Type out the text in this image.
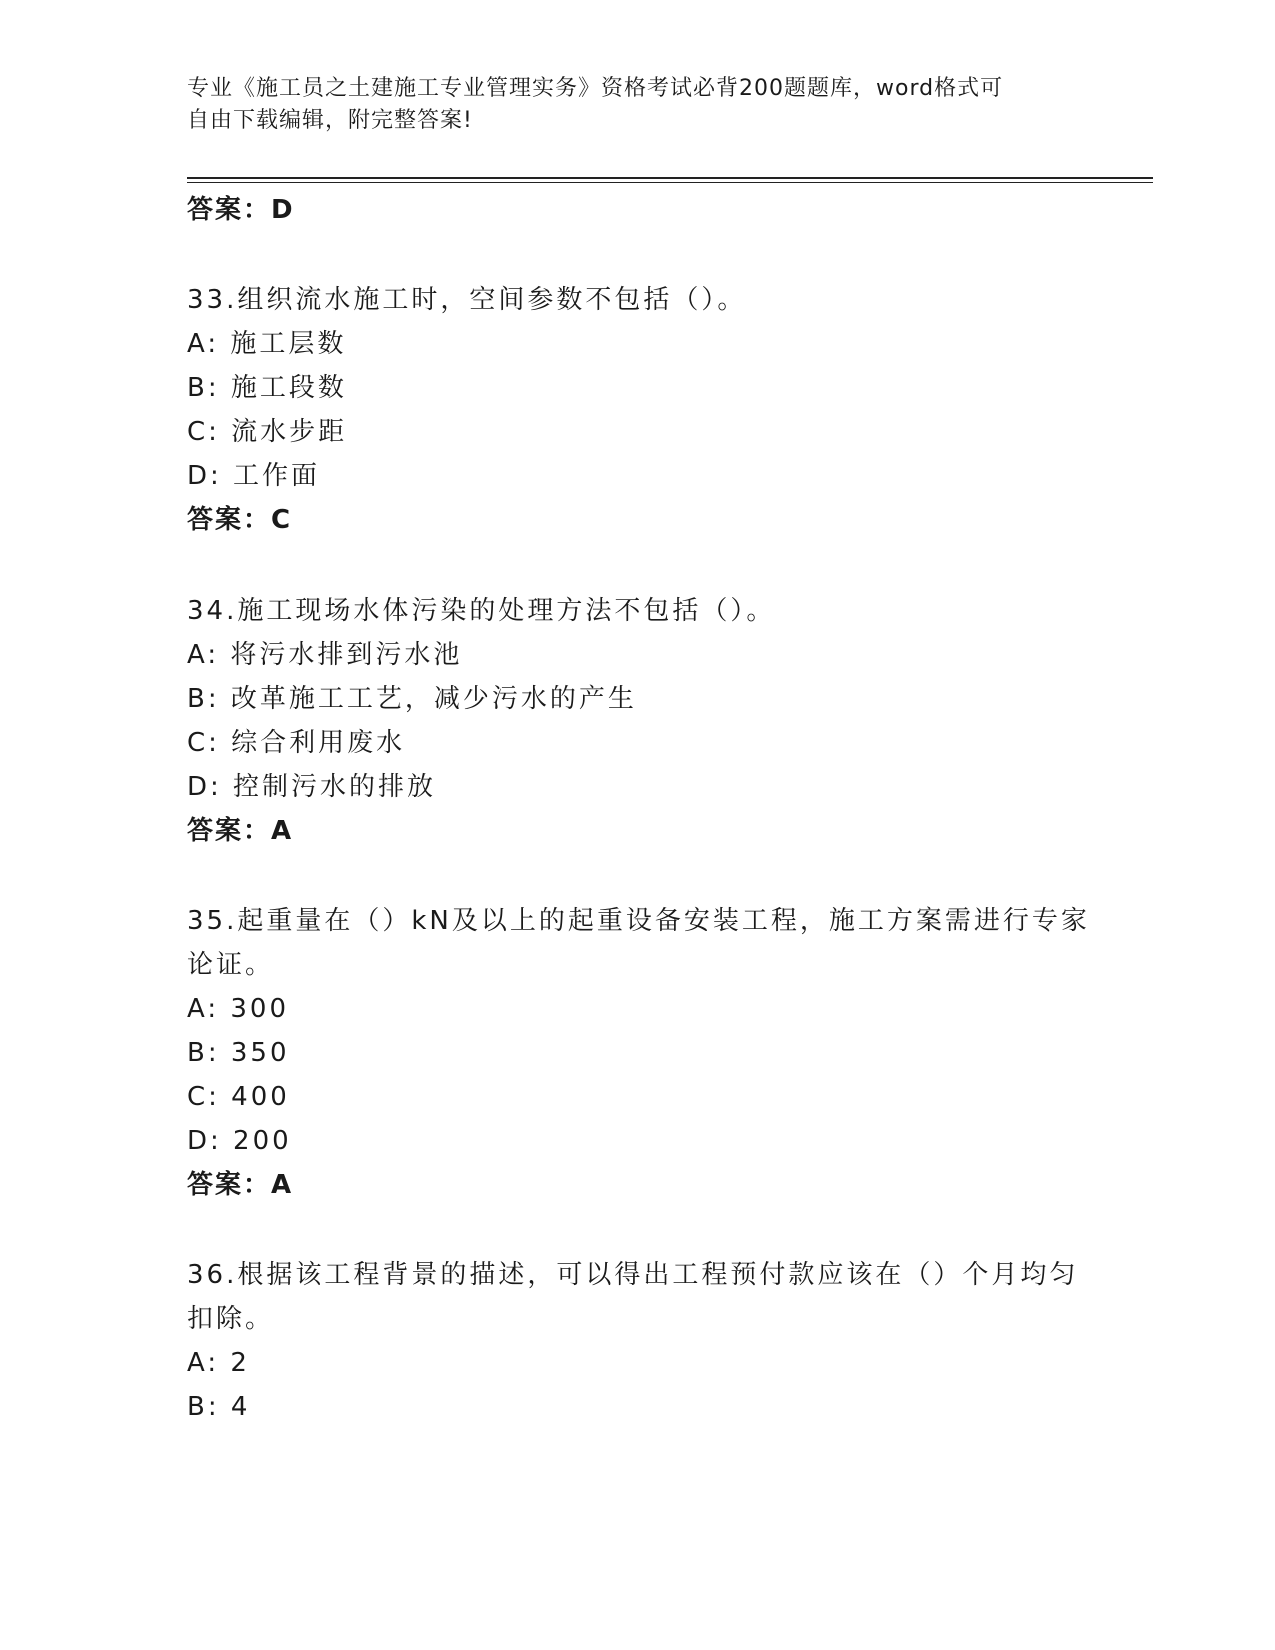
专业《施工员之土建施工专业管理实务》资格考试必背200题题库，word格式可
自由下载编辑，附完整答案!
答案：D
33.组织流水施工时，空间参数不包括（）。
A: 施工层数
B: 施工段数
C: 流水步距
D: 工作面
答案：C
34.施工现场水体污染的处理方法不包括（）。
A: 将污水排到污水池
B: 改革施工工艺，减少污水的产生
C: 综合利用废水
D: 控制污水的排放
答案：A
35.起重量在（）kN及以上的起重设备安装工程，施工方案需进行专家
论证。
A: 300
B: 350
C: 400
D: 200
答案：A
36.根据该工程背景的描述，可以得出工程预付款应该在（）个月均匀
扣除。
A: 2
B: 4
